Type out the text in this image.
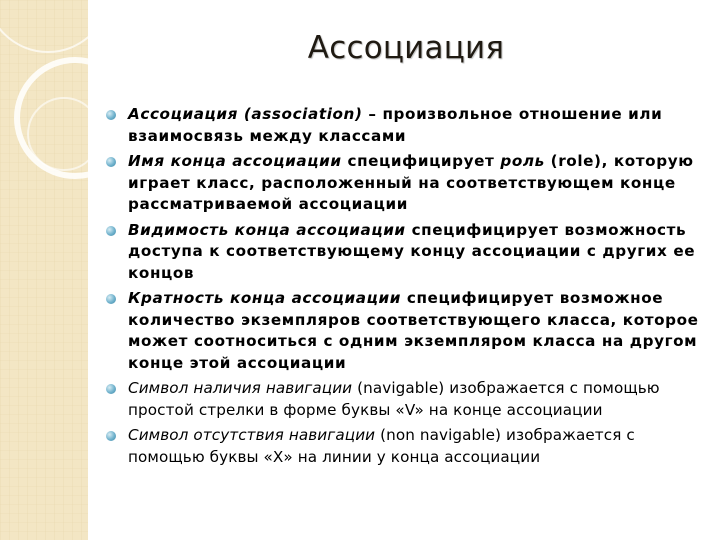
Ассоциация
Ассоциация (association) – произвольное отношение или взаимосвязь между классами
Имя конца ассоциации специфицирует роль (role), которую играет класс, расположенный на соответствующем конце рассматриваемой ассоциации
Видимость конца ассоциации специфицирует возможность доступа к соответствующему концу ассоциации с других ее концов
Кратность конца ассоциации специфицирует возможное количество экземпляров соответствующего класса, которое может соотноситься с одним экземпляром класса на другом конце этой ассоциации
Символ наличия навигации (navigable) изображается с помощью простой стрелки в форме буквы «V» на конце ассоциации
Символ отсутствия навигации (non navigable) изображается с помощью буквы «X» на линии у конца ассоциации
